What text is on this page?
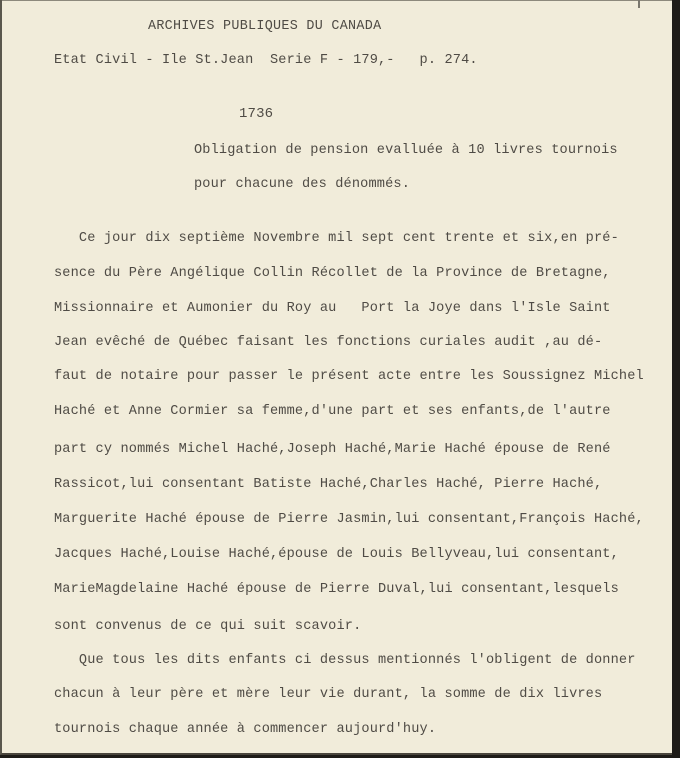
ARCHIVES PUBLIQUES DU CANADA
Etat Civil - Ile St.Jean  Serie F - 179,-   p. 274.
1736
Obligation de pension evalluée à 10 livres tournois
pour chacune des dénommés.
Ce jour dix septième Novembre mil sept cent trente et six,en pré-
sence du Père Angélique Collin Récollet de la Province de Bretagne,
Missionnaire et Aumonier du Roy au   Port la Joye dans l'Isle Saint
Jean evêché de Québec faisant les fonctions curiales audit ,au dé-
faut de notaire pour passer le présent acte entre les Soussignez Michel
Haché et Anne Cormier sa femme,d'une part et ses enfants,de l'autre
part cy nommés Michel Haché,Joseph Haché,Marie Haché épouse de René
Rassicot,lui consentant Batiste Haché,Charles Haché, Pierre Haché,
Marguerite Haché épouse de Pierre Jasmin,lui consentant,François Haché,
Jacques Haché,Louise Haché,épouse de Louis Bellyveau,lui consentant,
MarieMagdelaine Haché épouse de Pierre Duval,lui consentant,lesquels
sont convenus de ce qui suit scavoir.
Que tous les dits enfants ci dessus mentionnés l'obligent de donner
chacun à leur père et mère leur vie durant, la somme de dix livres
tournois chaque année à commencer aujourd'huy.
